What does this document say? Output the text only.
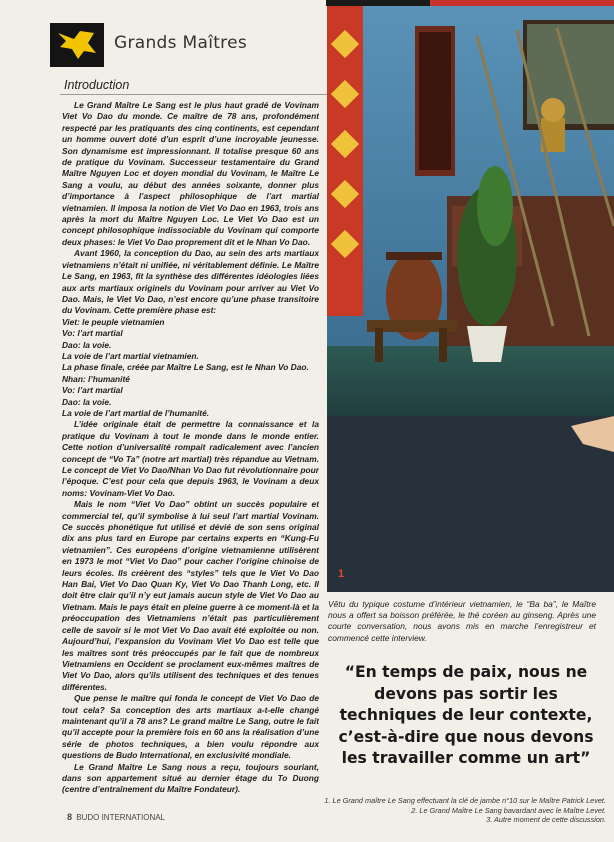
Grands Maîtres
Introduction

Le Grand Maître Le Sang est le plus haut gradé de Vovinam Viet Vo Dao du monde. Ce maître de 78 ans, profondément respecté par les pratiquants des cinq continents, est cependant un homme ouvert doté d’un esprit d’une incroyable jeunesse. Son dynamisme est impressionnant. Il totalise presque 60 ans de pratique du Vovinam. Successeur testamentaire du Grand Maître Nguyen Loc et doyen mondial du Vovinam, le Maître Le Sang a voulu, au début des années soixante, donner plus d’importance à l’aspect philosophique de l’art martial vietnamien. Il imposa la notion de Viet Vo Dao en 1963, trois ans après la mort du Maître Nguyen Loc. Le Viet Vo Dao est un concept philosophique indissociable du Vovinam qui comporte deux phases: le Viet Vo Dao proprement dit et le Nhan Vo Dao.

Avant 1960, la conception du Dao, au sein des arts martiaux vietnamiens n’était ni unifiée, ni véritablement définie. Le Maître Le Sang, en 1963, fit la synthèse des différentes idéologies liées aux arts martiaux originels du Vovinam pour arriver au Viet Vo Dao. Mais, le Viet Vo Dao, n’est encore qu’une phase transitoire du Vovinam. Cette première phase est:

Viet: le peuple vietnamien

Vo: l’art martial

Dao: la voie.

La voie de l’art martial vietnamien.

La phase finale, créée par Maître Le Sang, est le Nhan Vo Dao.

Nhan: l’humanité

Vo: l’art martial

Dao: la voie.

La voie de l’art martial de l’humanité.

L’idée originale était de permettre la connaissance et la pratique du Vovinam à tout le monde dans le monde entier. Cette notion d’universalité rompait radicalement avec l’ancien concept de “Vo Ta” (notre art martial) très répandue au Vietnam. Le concept de Viet Vo Dao/Nhan Vo Dao fut révolutionnaire pour l’époque. C’est pour cela que depuis 1963, le Vovinam a deux noms: Vovinam-Viet Vo Dao.

Mais le nom “Viet Vo Dao” obtint un succès populaire et commercial tel, qu’il symbolise à lui seul l’art martial Vovinam. Ce succès phonétique fut utilisé et dévié de son sens original dix ans plus tard en Europe par certains experts en “Kung-Fu vietnamien”. Ces européens d’origine vietnamienne utilisèrent en 1973 le mot “Viet Vo Dao” pour cacher l’origine chinoise de leurs écoles. Ils créèrent des “styles” tels que le Viet Vo Dao Han Bai, Viet Vo Dao Quan Ky, Viet Vo Dao Thanh Long, etc. Il doit être clair qu’il n’y eut jamais aucun style de Viet Vo Dao au Vietnam. Mais le pays était en pleine guerre à ce moment-là et la préoccupation des Vietnamiens n’était pas particulièrement celle de savoir si le mot Viet Vo Dao avait été exploitée ou non. Aujourd’hui, l’expansion du Vovinam Viet Vo Dao est telle que les maîtres sont très préoccupés par le fait que de nombreux Vietnamiens en Occident se proclament eux-mêmes maîtres de Viet Vo Dao, alors qu’ils utilisent des techniques et des tenues différentes.

Que pense le maître qui fonda le concept de Viet Vo Dao de tout cela? Sa conception des arts martiaux a-t-elle changé maintenant qu’il a 78 ans? Le grand maître Le Sang, outre le fait qu’il accepte pour la première fois en 60 ans la réalisation d’une série de photos techniques, a bien voulu répondre aux questions de Budo International, en exclusivité mondiale.

Le Grand Maître Le Sang nous a reçu, toujours souriant, dans son appartement situé au dernier étage du To Duong (centre d’entraînement du Maître Fondateur).

1
Vêtu du typique costume d’intérieur vietnamien, le “Ba ba”, le Maître nous a offert sa boisson préférée, le thé coréen au ginseng. Après une courte conversation, nous avons mis en marche l’enregistreur et commencé cette interview.
“En temps de paix, nous ne devons pas sortir les techniques de leur contexte, c’est-à-dire que nous devons les travailler comme un art”
1. Le Grand maître Le Sang effectuant la clé de jambe n°10 sur le Maître Patrick Levet.
2. Le Grand Maître Le Sang bavardant avec le Maître Levet.
3. Autre moment de cette discussion.
8 BUDO INTERNATIONAL
